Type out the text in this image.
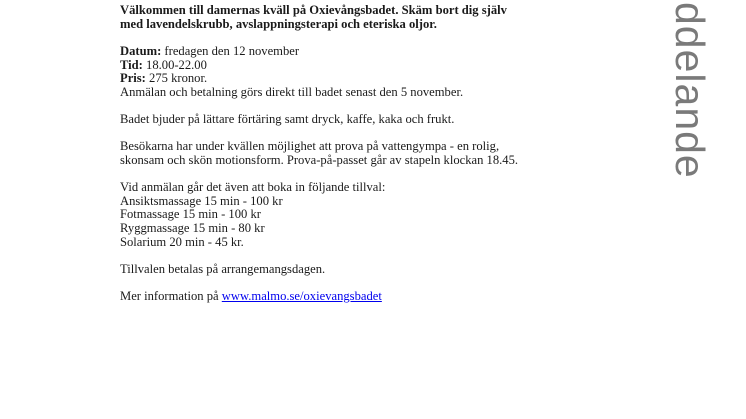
Välkommen till damernas kväll på Oxievångsbadet. Skäm bort dig själv
med lavendelskrubb, avslappningsterapi och eteriska oljor.

Datum: fredagen den 12 november
Tid: 18.00-22.00
Pris: 275 kronor.
Anmälan och betalning görs direkt till badet senast den 5 november.

Badet bjuder på lättare förtäring samt dryck, kaffe, kaka och frukt.

Besökarna har under kvällen möjlighet att prova på vattengympa - en rolig,
skonsam och skön motionsform. Prova-på-passet går av stapeln klockan 18.45.

Vid anmälan går det även att boka in följande tillval:
Ansiktsmassage 15 min - 100 kr
Fotmassage 15 min - 100 kr
Ryggmassage 15 min - 80 kr
Solarium 20 min - 45 kr.

Tillvalen betalas på arrangemangsdagen.

Mer information på www.malmo.se/oxievangsbadet

ddelande
